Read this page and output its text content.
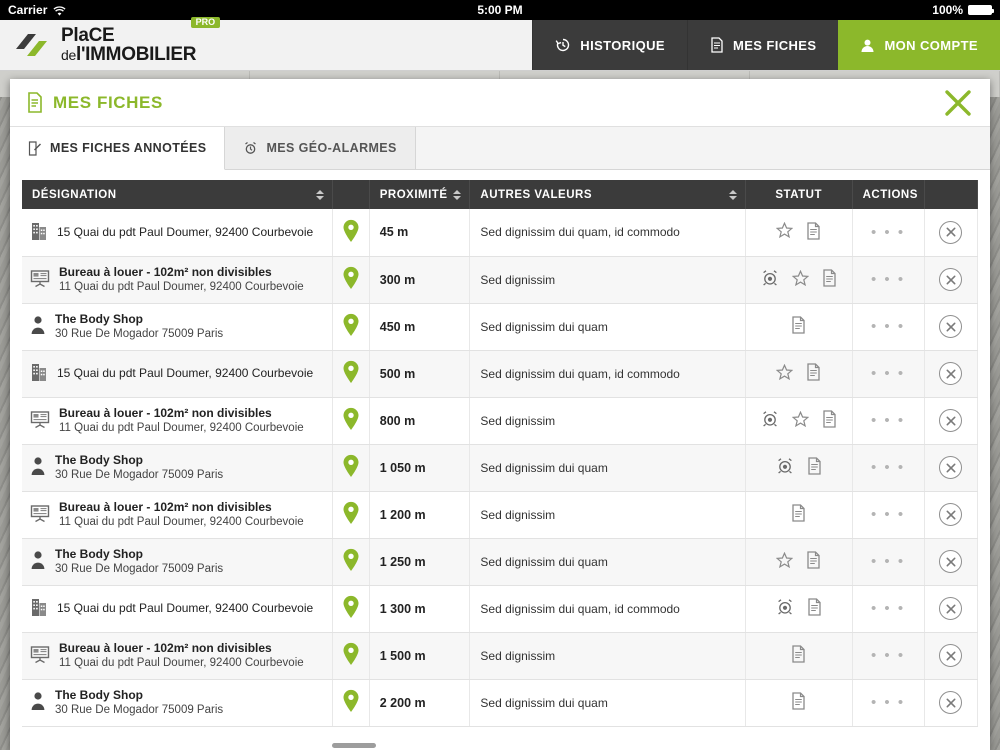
Carrier	5:00 PM	100%
PlaCE
del'IMMOBILIER
PRO
HISTORIQUE	MES FICHES	MON COMPTE
MES FICHES
MES FICHES ANNOTÉES	MES GÉO-ALARMES
DÉSIGNATION		PROXIMITÉ	AUTRES VALEURS	STATUT	ACTIONS	

15 Quai du pdt Paul Doumer, 92400 Courbevoie		45 m	Sed dignissim dui quam, id commodo		• • •	

Bureau à louer - 102m² non divisibles
11 Quai du pdt Paul Doumer, 92400 Courbevoie		300 m	Sed dignissim		• • •	

The Body Shop
30 Rue De Mogador 75009 Paris		450 m	Sed dignissim dui quam		• • •	

15 Quai du pdt Paul Doumer, 92400 Courbevoie		500 m	Sed dignissim dui quam, id commodo		• • •	

Bureau à louer - 102m² non divisibles
11 Quai du pdt Paul Doumer, 92400 Courbevoie		800 m	Sed dignissim		• • •	

The Body Shop
30 Rue De Mogador 75009 Paris		1 050 m	Sed dignissim dui quam		• • •	

Bureau à louer - 102m² non divisibles
11 Quai du pdt Paul Doumer, 92400 Courbevoie		1 200 m	Sed dignissim		• • •	

The Body Shop
30 Rue De Mogador 75009 Paris		1 250 m	Sed dignissim dui quam		• • •	

15 Quai du pdt Paul Doumer, 92400 Courbevoie		1 300 m	Sed dignissim dui quam, id commodo		• • •	

Bureau à louer - 102m² non divisibles
11 Quai du pdt Paul Doumer, 92400 Courbevoie		1 500 m	Sed dignissim		• • •	

The Body Shop
30 Rue De Mogador 75009 Paris		2 200 m	Sed dignissim dui quam		• • •	
